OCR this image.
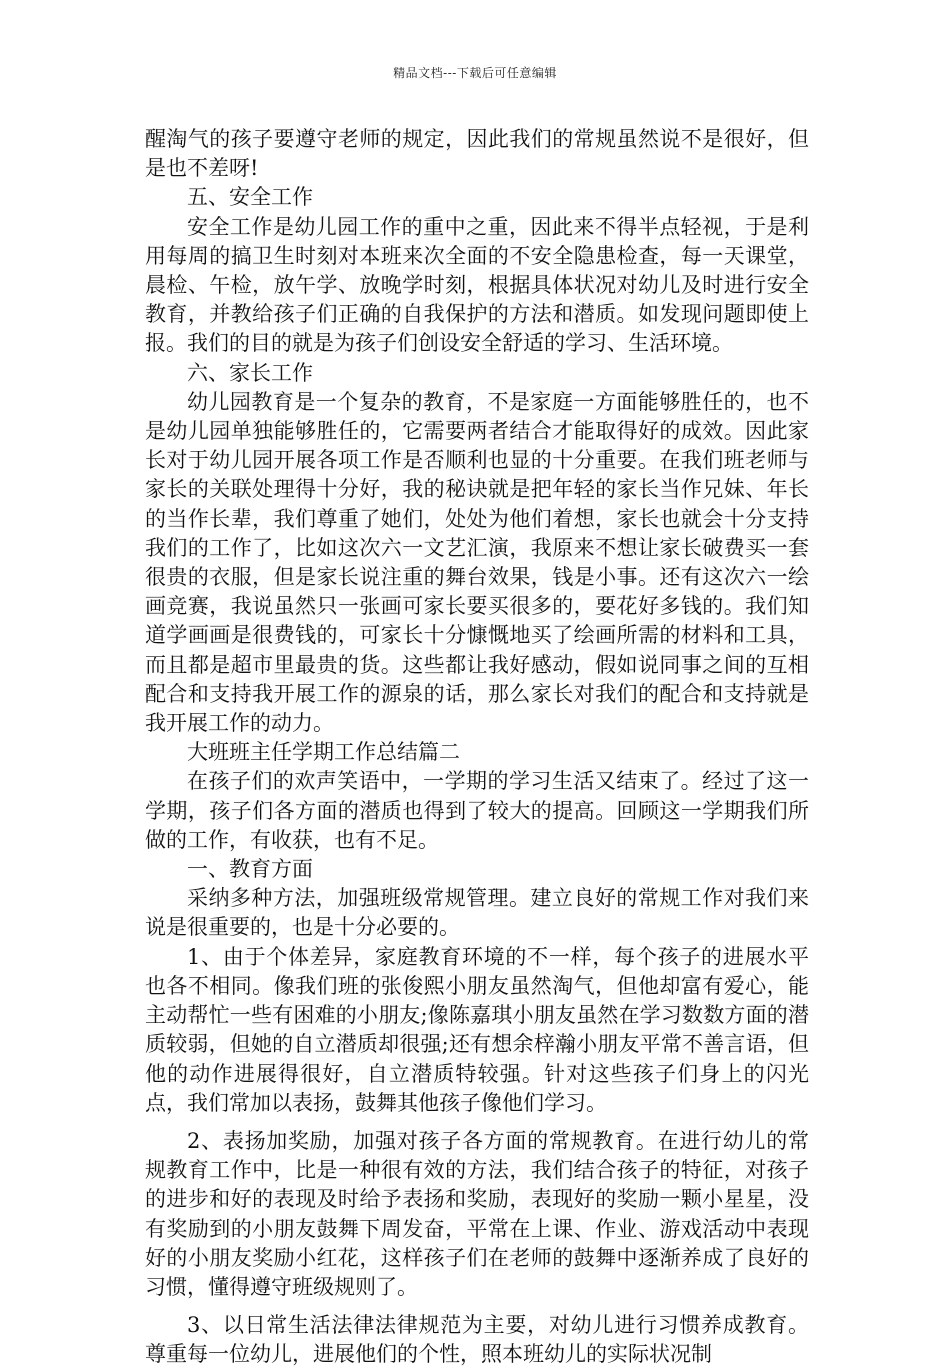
精品文档---下载后可任意编辑

醒淘气的孩子要遵守老师的规定，因此我们的常规虽然说不是很好，但是也不差呀!

五、安全工作

安全工作是幼儿园工作的重中之重，因此来不得半点轻视，于是利用每周的搞卫生时刻对本班来次全面的不安全隐患检查，每一天课堂，晨检、午检，放午学、放晚学时刻，根据具体状况对幼儿及时进行安全教育，并教给孩子们正确的自我保护的方法和潜质。如发现问题即使上报。我们的目的就是为孩子们创设安全舒适的学习、生活环境。

六、家长工作

幼儿园教育是一个复杂的教育，不是家庭一方面能够胜任的，也不是幼儿园单独能够胜任的，它需要两者结合才能取得好的成效。因此家长对于幼儿园开展各项工作是否顺利也显的十分重要。在我们班老师与家长的关联处理得十分好，我的秘诀就是把年轻的家长当作兄妹、年长的当作长辈，我们尊重了她们，处处为他们着想，家长也就会十分支持我们的工作了，比如这次六一文艺汇演，我原来不想让家长破费买一套很贵的衣服，但是家长说注重的舞台效果，钱是小事。还有这次六一绘画竞赛，我说虽然只一张画可家长要买很多的，要花好多钱的。我们知道学画画是很费钱的，可家长十分慷慨地买了绘画所需的材料和工具，而且都是超市里最贵的货。这些都让我好感动，假如说同事之间的互相配合和支持我开展工作的源泉的话，那么家长对我们的配合和支持就是我开展工作的动力。

大班班主任学期工作总结篇二

在孩子们的欢声笑语中，一学期的学习生活又结束了。经过了这一学期，孩子们各方面的潜质也得到了较大的提高。回顾这一学期我们所做的工作，有收获，也有不足。

一、教育方面

采纳多种方法，加强班级常规管理。建立良好的常规工作对我们来说是很重要的，也是十分必要的。

1、由于个体差异，家庭教育环境的不一样，每个孩子的进展水平也各不相同。像我们班的张俊熙小朋友虽然淘气，但他却富有爱心，能主动帮忙一些有困难的小朋友;像陈嘉琪小朋友虽然在学习数数方面的潜质较弱，但她的自立潜质却很强;还有想余梓瀚小朋友平常不善言语，但他的动作进展得很好，自立潜质特较强。针对这些孩子们身上的闪光点，我们常加以表扬，鼓舞其他孩子像他们学习。

2、表扬加奖励，加强对孩子各方面的常规教育。在进行幼儿的常规教育工作中，比是一种很有效的方法，我们结合孩子的特征，对孩子的进步和好的表现及时给予表扬和奖励，表现好的奖励一颗小星星，没有奖励到的小朋友鼓舞下周发奋，平常在上课、作业、游戏活动中表现好的小朋友奖励小红花，这样孩子们在老师的鼓舞中逐渐养成了良好的习惯，懂得遵守班级规则了。

3、以日常生活法律法律规范为主要，对幼儿进行习惯养成教育。尊重每一位幼儿，进展他们的个性，照本班幼儿的实际状况制
